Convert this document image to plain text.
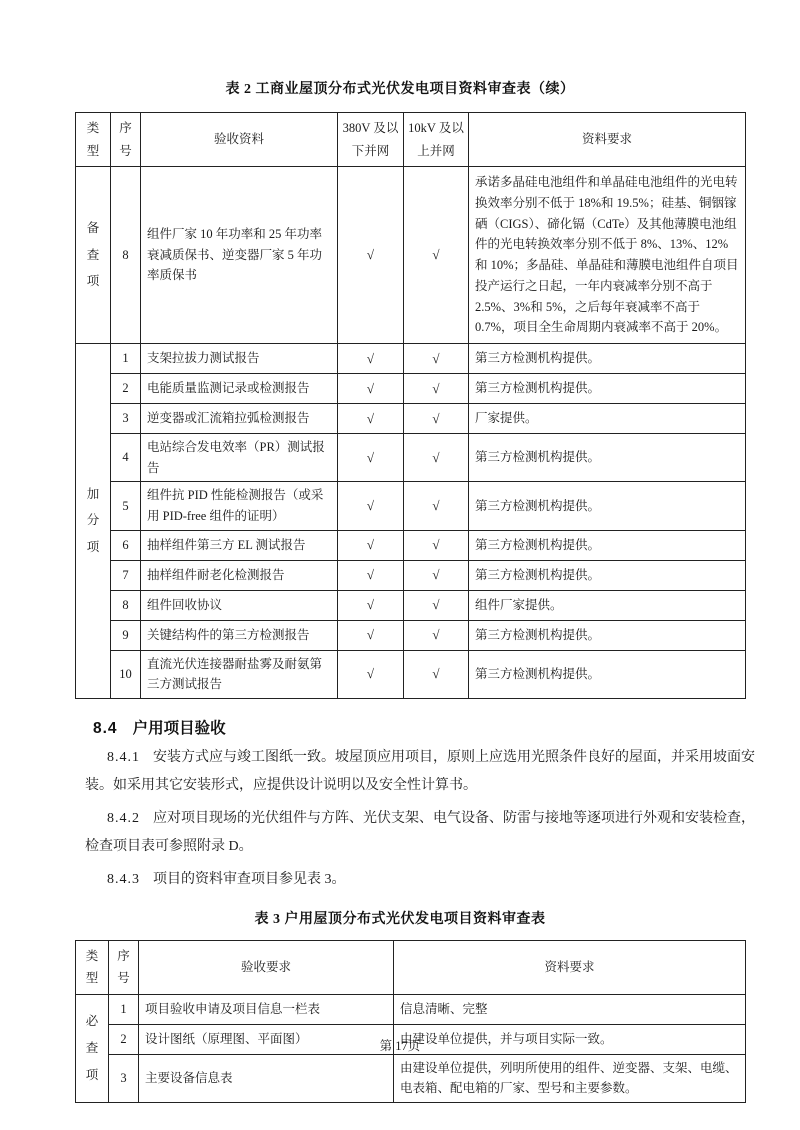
表 2 工商业屋顶分布式光伏发电项目资料审查表（续）
类型	序号	验收资料	380V 及以下并网	10kV 及以上并网	资料要求

备查项	8	组件厂家 10 年功率和 25 年功率衰减质保书、逆变器厂家 5 年功率质保书	√	√	承诺多晶硅电池组件和单晶硅电池组件的光电转换效率分别不低于 18%和 19.5%；硅基、铜铟镓硒（CIGS）、碲化镉（CdTe）及其他薄膜电池组件的光电转换效率分别不低于 8%、13%、12%和 10%；多晶硅、单晶硅和薄膜电池组件自项目投产运行之日起，一年内衰减率分别不高于 2.5%、3%和 5%，之后每年衰减率不高于 0.7%，项目全生命周期内衰减率不高于 20%。

加分项	1	支架拉拔力测试报告	√	√	第三方检测机构提供。
	2	电能质量监测记录或检测报告	√	√	第三方检测机构提供。
	3	逆变器或汇流箱拉弧检测报告	√	√	厂家提供。
	4	电站综合发电效率（PR）测试报告	√	√	第三方检测机构提供。
	5	组件抗 PID 性能检测报告（或采用 PID-free 组件的证明）	√	√	第三方检测机构提供。
	6	抽样组件第三方 EL 测试报告	√	√	第三方检测机构提供。
	7	抽样组件耐老化检测报告	√	√	第三方检测机构提供。
	8	组件回收协议	√	√	组件厂家提供。
	9	关键结构件的第三方检测报告	√	√	第三方检测机构提供。
	10	直流光伏连接器耐盐雾及耐氨第三方测试报告	√	√	第三方检测机构提供。
8.4 户用项目验收

8.4.1 安装方式应与竣工图纸一致。坡屋顶应用项目，原则上应选用光照条件良好的屋面，并采用坡面安装。如采用其它安装形式，应提供设计说明以及安全性计算书。

8.4.2 应对项目现场的光伏组件与方阵、光伏支架、电气设备、防雷与接地等逐项进行外观和安装检查，检查项目表可参照附录 D。

8.4.3 项目的资料审查项目参见表 3。

表 3 户用屋顶分布式光伏发电项目资料审查表
类型	序号	验收要求	资料要求

必查项	1	项目验收申请及项目信息一栏表	信息清晰、完整
	2	设计图纸（原理图、平面图）	由建设单位提供，并与项目实际一致。
	3	主要设备信息表	由建设单位提供，列明所使用的组件、逆变器、支架、电缆、电表箱、配电箱的厂家、型号和主要参数。
第 17页
